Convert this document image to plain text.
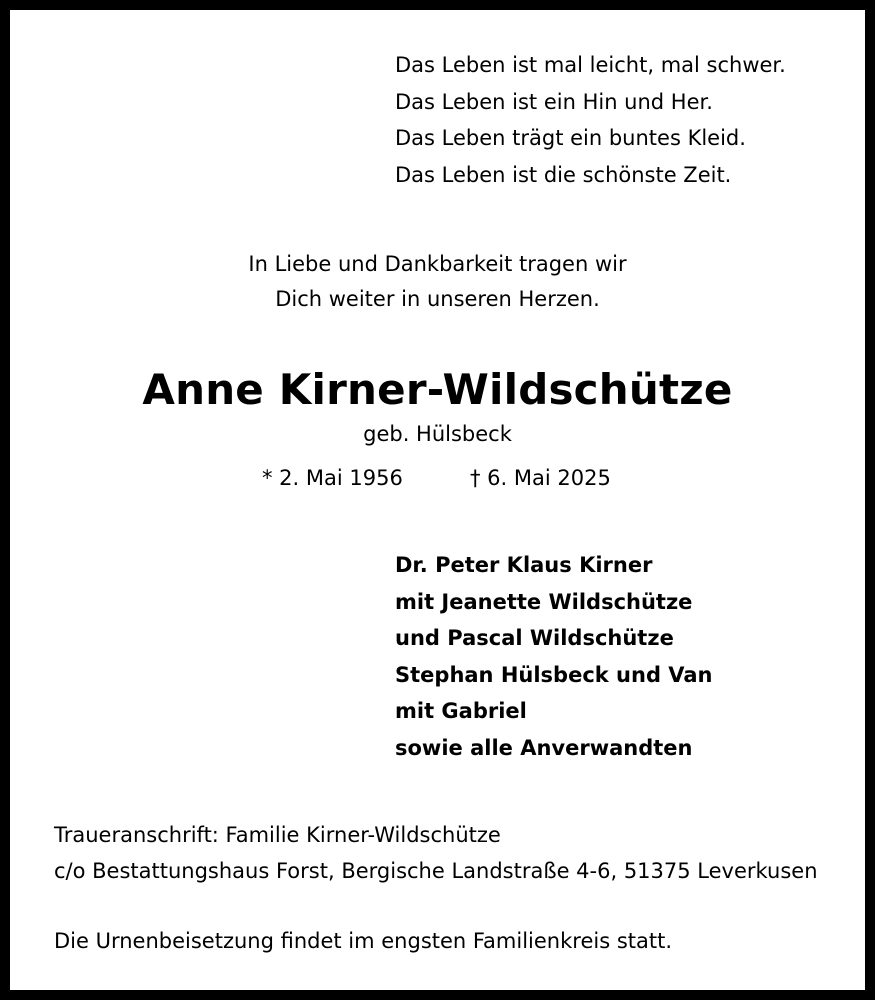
Das Leben ist mal leicht, mal schwer.
Das Leben ist ein Hin und Her.
Das Leben trägt ein buntes Kleid.
Das Leben ist die schönste Zeit.
In Liebe und Dankbarkeit tragen wir
Dich weiter in unseren Herzen.
Anne Kirner-Wildschütze
geb. Hülsbeck
* 2. Mai 1956	† 6. Mai 2025
Dr. Peter Klaus Kirner
mit Jeanette Wildschütze
und Pascal Wildschütze
Stephan Hülsbeck und Van
mit Gabriel
sowie alle Anverwandten
Traueranschrift: Familie Kirner-Wildschütze
c/o Bestattungshaus Forst, Bergische Landstraße 4-6, 51375 Leverkusen
Die Urnenbeisetzung findet im engsten Familienkreis statt.
